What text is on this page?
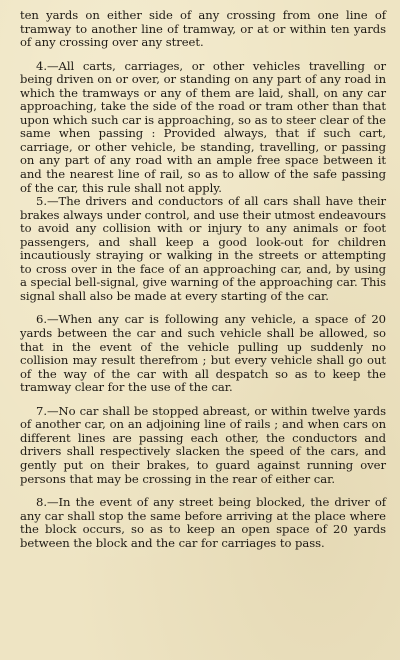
ten yards on either side of any crossing from one line of tramway to another line of tramway, or at or within ten yards of any crossing over any street.

4.—All carts, carriages, or other vehicles travelling or being driven on or over, or standing on any part of any road in which the tramways or any of them are laid, shall, on any car approaching, take the side of the road or tram other than that upon which such car is approaching, so as to steer clear of the same when passing : Provided always, that if such cart, carriage, or other vehicle, be standing, travelling, or passing on any part of any road with an ample free space between it and the nearest line of rail, so as to allow of the safe passing of the car, this rule shall not apply.

5.—The drivers and conductors of all cars shall have their brakes always under control, and use their utmost endeavours to avoid any collision with or injury to any animals or foot passengers, and shall keep a good look-out for children incautiously straying or walking in the streets or attempting to cross over in the face of an approaching car, and, by using a special bell-signal, give warning of the approaching car. This signal shall also be made at every starting of the car.

6.—When any car is following any vehicle, a space of 20 yards between the car and such vehicle shall be allowed, so that in the event of the vehicle pulling up suddenly no collision may result therefrom ; but every vehicle shall go out of the way of the car with all despatch so as to keep the tramway clear for the use of the car.

7.—No car shall be stopped abreast, or within twelve yards of another car, on an adjoining line of rails ; and when cars on different lines are passing each other, the conductors and drivers shall respectively slacken the speed of the cars, and gently put on their brakes, to guard against running over persons that may be crossing in the rear of either car.

8.—In the event of any street being blocked, the driver of any car shall stop the same before arriving at the place where the block occurs, so as to keep an open space of 20 yards between the block and the car for carriages to pass.
